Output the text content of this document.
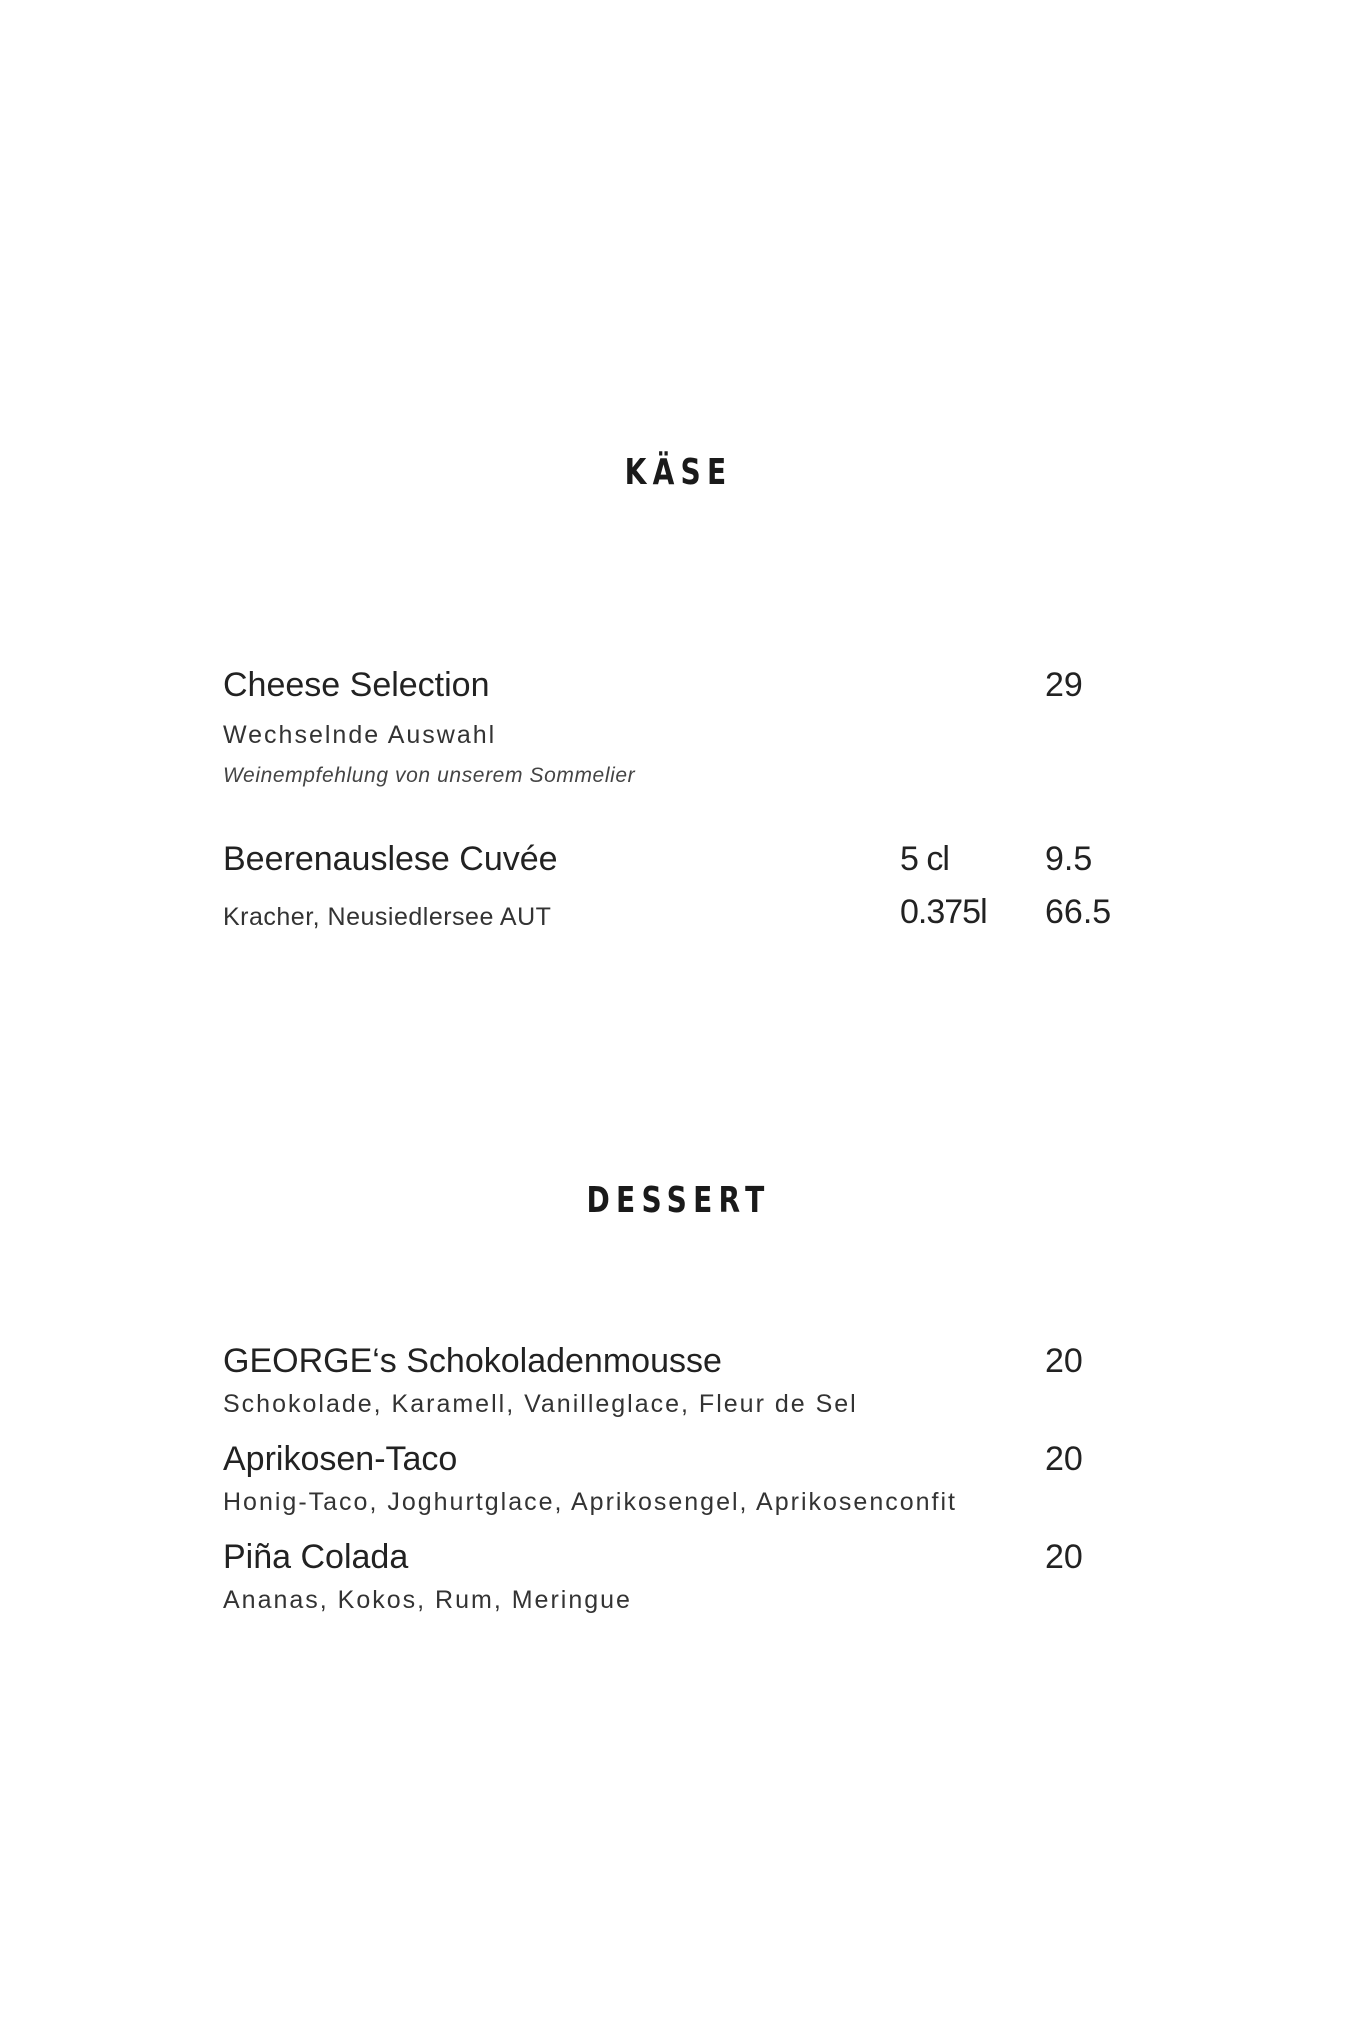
KÄSE
Cheese Selection	29
Wechselnde Auswahl
Weinempfehlung von unserem Sommelier
Beerenauslese Cuvée	5 cl	9.5
Kracher, Neusiedlersee AUT	0.375l 66.5
DESSERT
GEORGE‘s Schokoladenmousse	20
Schokolade, Karamell, Vanilleglace, Fleur de Sel
Aprikosen-Taco	20
Honig-Taco, Joghurtglace, Aprikosengel, Aprikosenconfit
Piña Colada	20
Ananas, Kokos, Rum, Meringue
